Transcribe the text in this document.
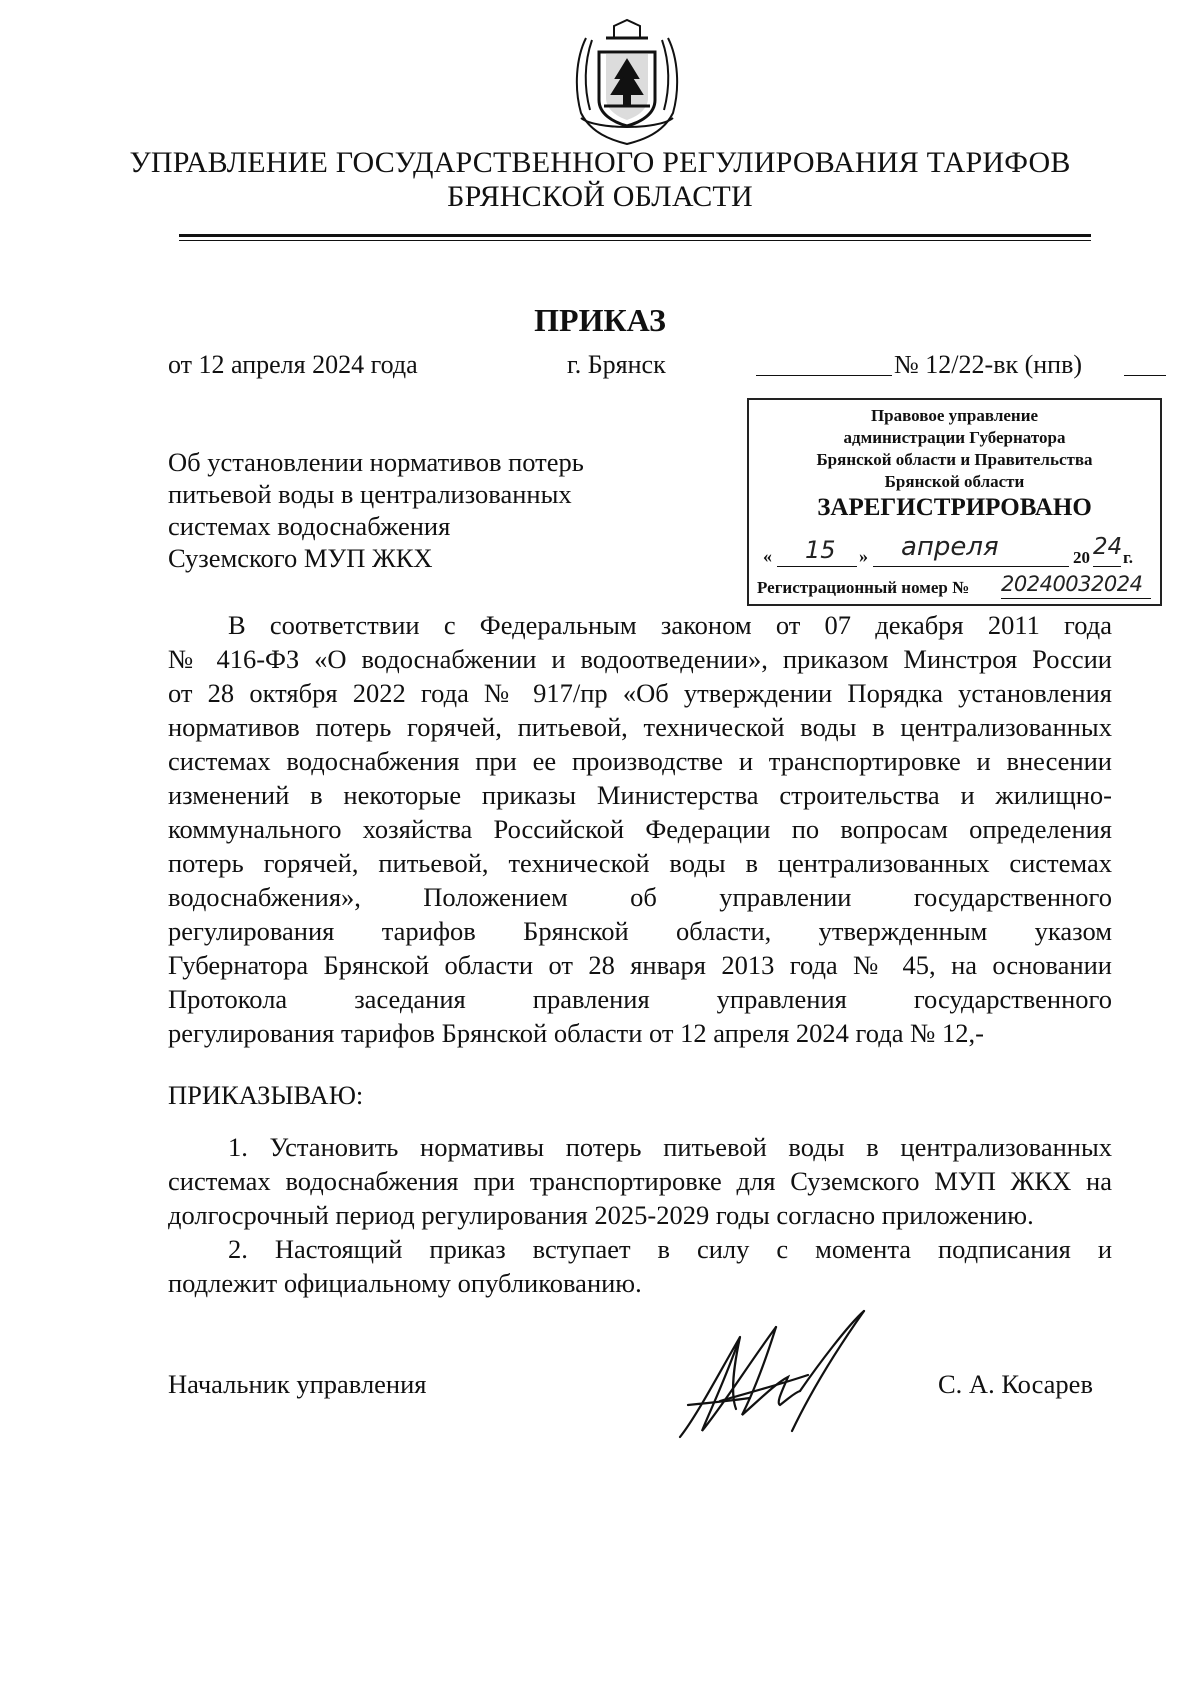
УПРАВЛЕНИЕ ГОСУДАРСТВЕННОГО РЕГУЛИРОВАНИЯ ТАРИФОВ
БРЯНСКОЙ ОБЛАСТИ
ПРИКАЗ
от 12 апреля 2024 года	г. Брянск	№ 12/22-вк (нпв)
Правовое управление
администрации Губернатора
Брянской области и Правительства
Брянской области
ЗАРЕГИСТРИРОВАНО
« 15 » апреля	20 24 г.
Регистрационный номер № 20240032024
Об установлении нормативов потерь
питьевой воды в централизованных
системах водоснабжения
Суземского МУП ЖКХ
В соответствии с Федеральным законом от 07 декабря 2011 года
№ 416-ФЗ «О водоснабжении и водоотведении», приказом Минстроя России
от 28 октября 2022 года № 917/пр «Об утверждении Порядка установления
нормативов потерь горячей, питьевой, технической воды в централизованных
системах водоснабжения при ее производстве и транспортировке и внесении
изменений в некоторые приказы Министерства строительства и жилищно-
коммунального хозяйства Российской Федерации по вопросам определения
потерь горячей, питьевой, технической воды в централизованных системах
водоснабжения», Положением об управлении государственного
регулирования тарифов Брянской области, утвержденным указом
Губернатора Брянской области от 28 января 2013 года № 45, на основании
Протокола заседания правления управления государственного
регулирования тарифов Брянской области от 12 апреля 2024 года № 12,-
ПРИКАЗЫВАЮ:
1. Установить нормативы потерь питьевой воды в централизованных
системах водоснабжения при транспортировке для Суземского МУП ЖКХ на
долгосрочный период регулирования 2025-2029 годы согласно приложению.
2. Настоящий приказ вступает в силу с момента подписания и
подлежит официальному опубликованию.
Начальник управления	С. А. Косарев
